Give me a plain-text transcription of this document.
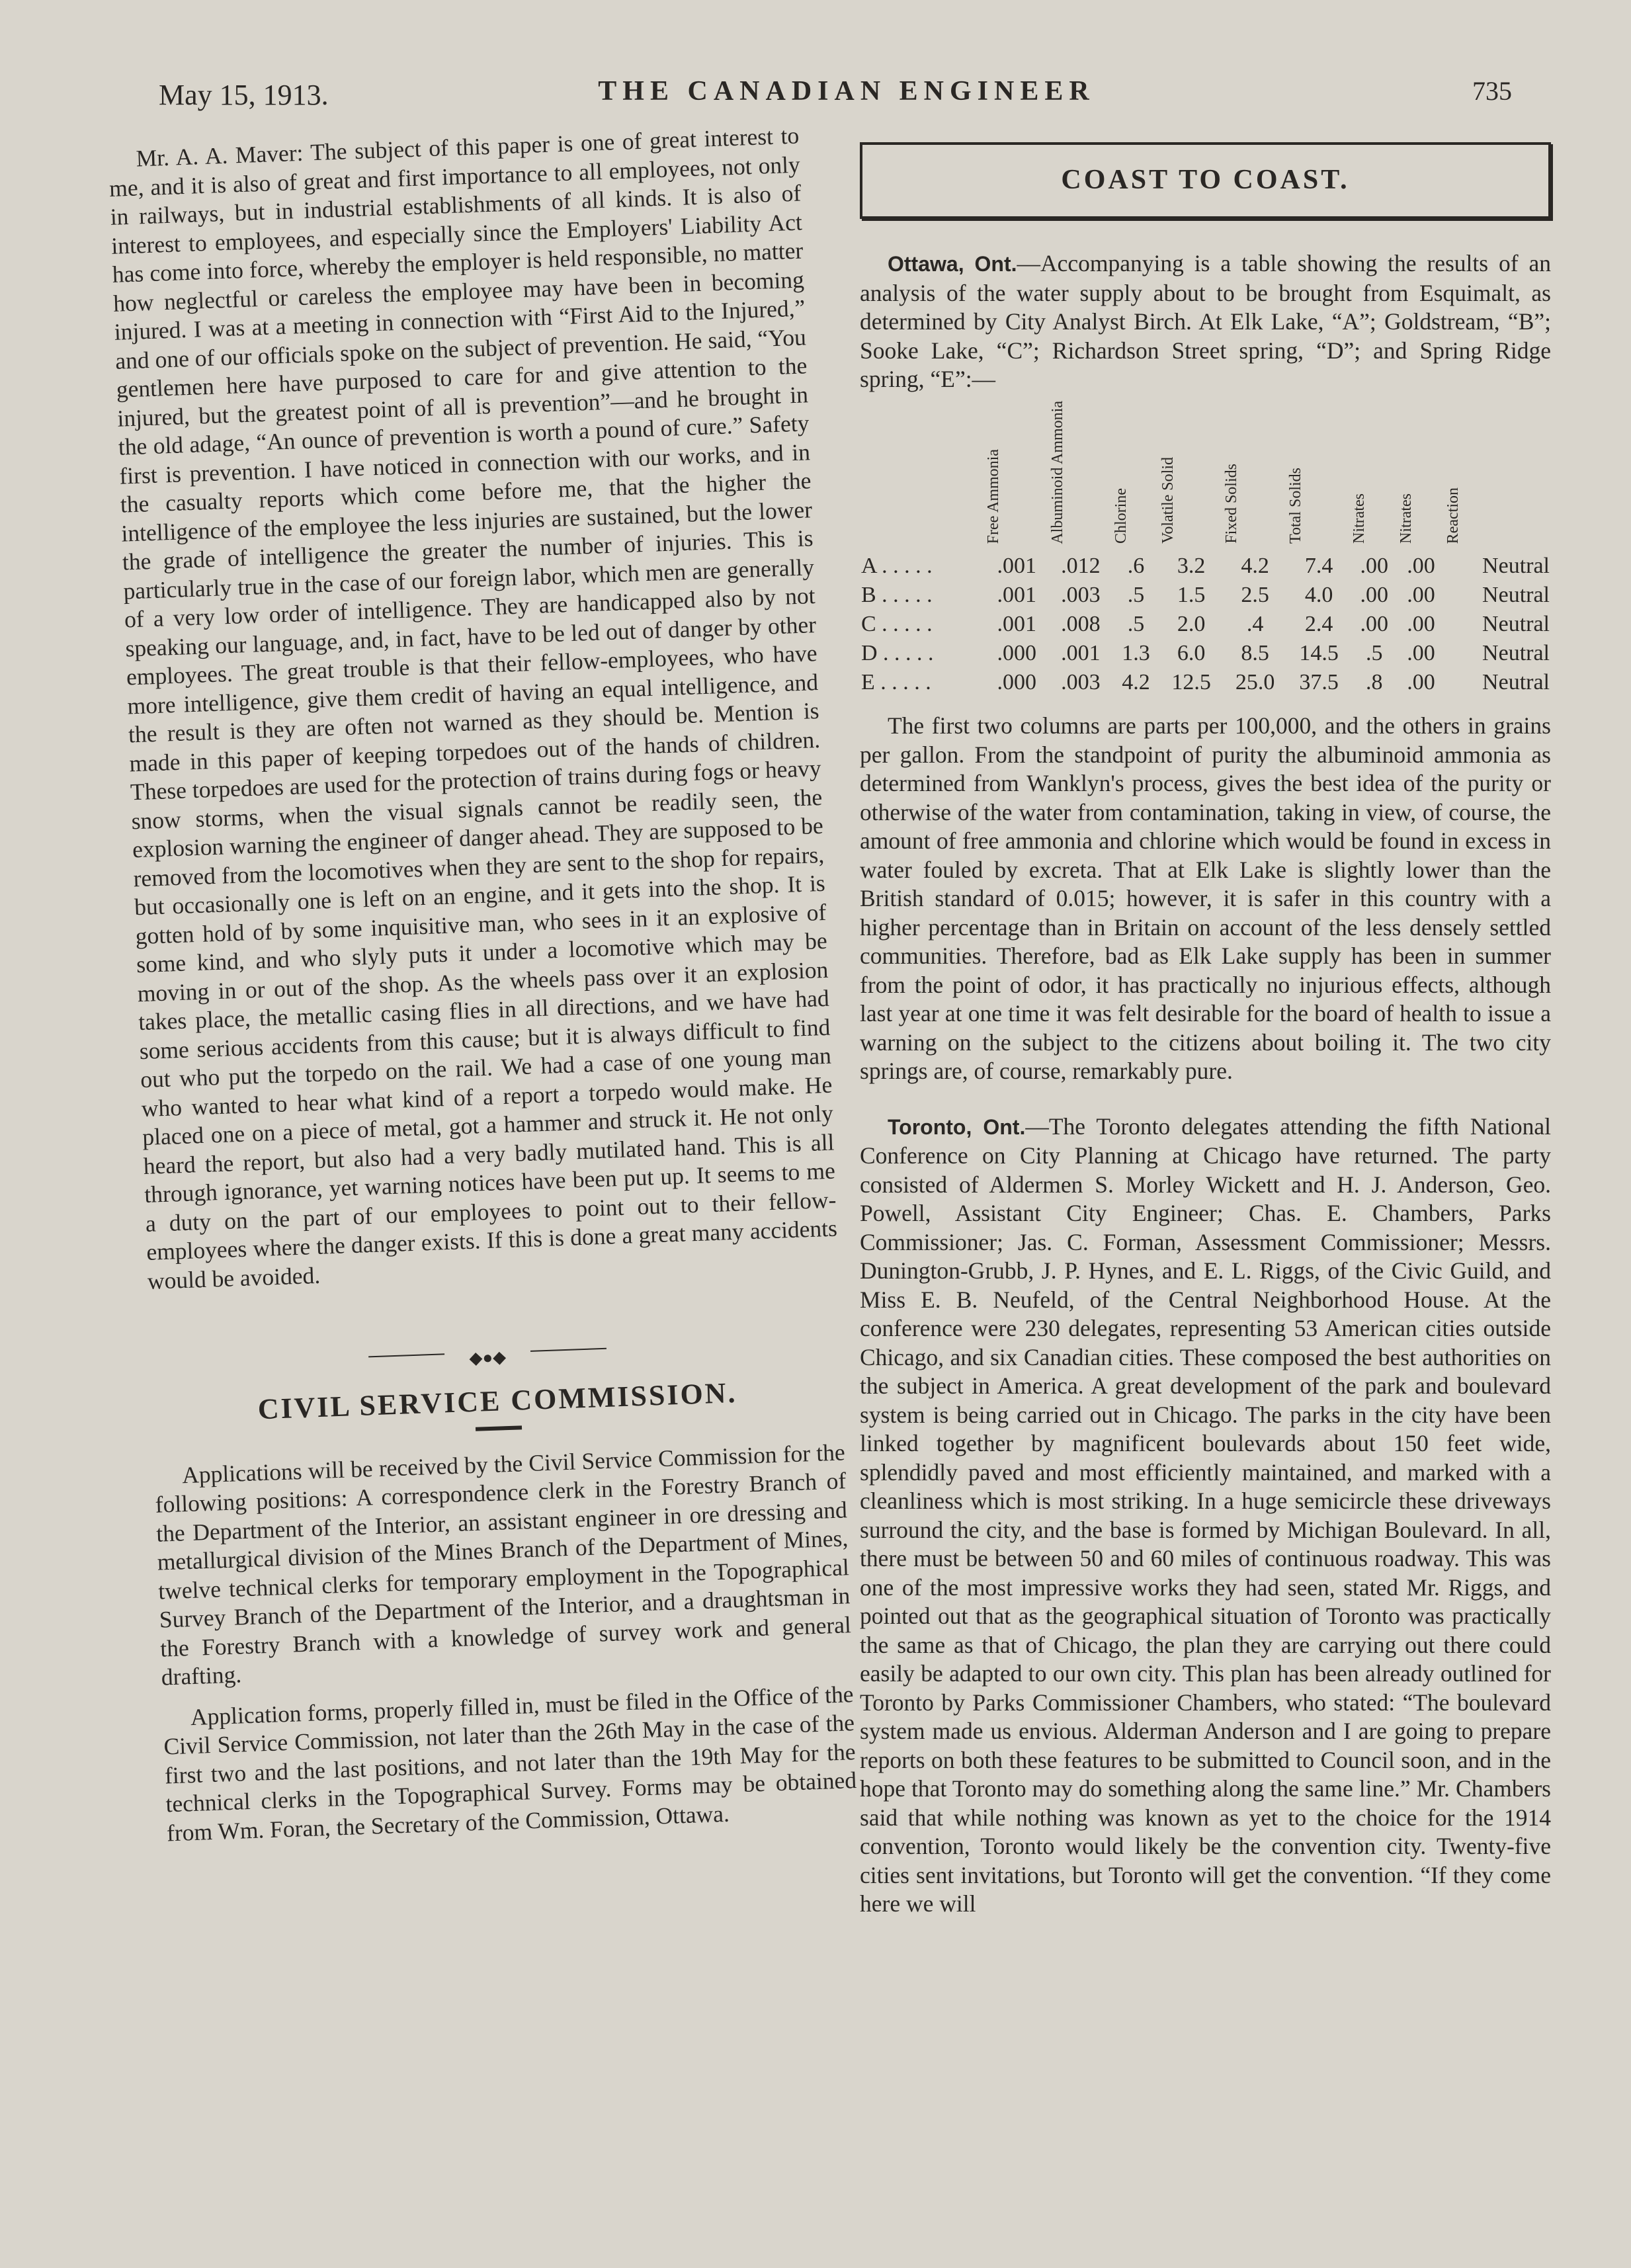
May 15, 1913.	THE CANADIAN ENGINEER	735

Mr. A. A. Maver: The subject of this paper is one of great interest to me, and it is also of great and first importance to all employees, not only in railways, but in industrial establishments of all kinds. It is also of interest to employees, and especially since the Employers' Liability Act has come into force, whereby the employer is held responsible, no matter how neglectful or careless the employee may have been in becoming injured. I was at a meeting in connection with “First Aid to the Injured,” and one of our officials spoke on the subject of prevention. He said, “You gentlemen here have purposed to care for and give attention to the injured, but the greatest point of all is prevention”—and he brought in the old adage, “An ounce of prevention is worth a pound of cure.” Safety first is prevention. I have noticed in connection with our works, and in the casualty reports which come before me, that the higher the intelligence of the employee the less injuries are sustained, but the lower the grade of intelligence the greater the number of injuries. This is particularly true in the case of our foreign labor, which men are generally of a very low order of intelligence. They are handicapped also by not speaking our language, and, in fact, have to be led out of danger by other employees. The great trouble is that their fellow-employees, who have more intelligence, give them credit of having an equal intelligence, and the result is they are often not warned as they should be. Mention is made in this paper of keeping torpedoes out of the hands of children. These torpedoes are used for the protection of trains during fogs or heavy snow storms, when the visual signals cannot be readily seen, the explosion warning the engineer of danger ahead. They are supposed to be removed from the locomotives when they are sent to the shop for repairs, but occasionally one is left on an engine, and it gets into the shop. It is gotten hold of by some inquisitive man, who sees in it an explosive of some kind, and who slyly puts it under a locomotive which may be moving in or out of the shop. As the wheels pass over it an explosion takes place, the metallic casing flies in all directions, and we have had some serious accidents from this cause; but it is always difficult to find out who put the torpedo on the rail. We had a case of one young man who wanted to hear what kind of a report a torpedo would make. He placed one on a piece of metal, got a hammer and struck it. He not only heard the report, but also had a very badly mutilated hand. This is all through ignorance, yet warning notices have been put up. It seems to me a duty on the part of our employees to point out to their fellow-employees where the danger exists. If this is done a great many accidents would be avoided.

◆●◆
CIVIL SERVICE COMMISSION.

Applications will be received by the Civil Service Commission for the following positions: A correspondence clerk in the Forestry Branch of the Department of the Interior, an assistant engineer in ore dressing and metallurgical division of the Mines Branch of the Department of Mines, twelve technical clerks for temporary employment in the Topographical Survey Branch of the Department of the Interior, and a draughtsman in the Forestry Branch with a knowledge of survey work and general drafting.

Application forms, properly filled in, must be filed in the Office of the Civil Service Commission, not later than the 26th May in the case of the first two and the last positions, and not later than the 19th May for the technical clerks in the Topographical Survey. Forms may be obtained from Wm. Foran, the Secretary of the Commission, Ottawa.

COAST TO COAST.

Ottawa, Ont.—Accompanying is a table showing the results of an analysis of the water supply about to be brought from Esquimalt, as determined by City Analyst Birch. At Elk Lake, “A”; Goldstream, “B”; Sooke Lake, “C”; Richardson Street spring, “D”; and Spring Ridge spring, “E”:—

	Free Ammonia	Albuminoid Ammonia	Chlorine	Volatile Solid	Fixed Solids	Total Solids	Nitrates	Nitrates	Reaction
A . . . . .	.001	.012	.6	3.2	4.2	7.4	.00	.00	Neutral
B . . . . .	.001	.003	.5	1.5	2.5	4.0	.00	.00	Neutral
C . . . . .	.001	.008	.5	2.0	.4	2.4	.00	.00	Neutral
D . . . . .	.000	.001	1.3	6.0	8.5	14.5	.5	.00	Neutral
E . . . . .	.000	.003	4.2	12.5	25.0	37.5	.8	.00	Neutral

The first two columns are parts per 100,000, and the others in grains per gallon. From the standpoint of purity the albuminoid ammonia as determined from Wanklyn's process, gives the best idea of the purity or otherwise of the water from contamination, taking in view, of course, the amount of free ammonia and chlorine which would be found in excess in water fouled by excreta. That at Elk Lake is slightly lower than the British standard of 0.015; however, it is safer in this country with a higher percentage than in Britain on account of the less densely settled communities. Therefore, bad as Elk Lake supply has been in summer from the point of odor, it has practically no injurious effects, although last year at one time it was felt desirable for the board of health to issue a warning on the subject to the citizens about boiling it. The two city springs are, of course, remarkably pure.

Toronto, Ont.—The Toronto delegates attending the fifth National Conference on City Planning at Chicago have returned. The party consisted of Aldermen S. Morley Wickett and H. J. Anderson, Geo. Powell, Assistant City Engineer; Chas. E. Chambers, Parks Commissioner; Jas. C. Forman, Assessment Commissioner; Messrs. Dunington-Grubb, J. P. Hynes, and E. L. Riggs, of the Civic Guild, and Miss E. B. Neufeld, of the Central Neighborhood House. At the conference were 230 delegates, representing 53 American cities outside Chicago, and six Canadian cities. These composed the best authorities on the subject in America. A great development of the park and boulevard system is being carried out in Chicago. The parks in the city have been linked together by magnificent boulevards about 150 feet wide, splendidly paved and most efficiently maintained, and marked with a cleanliness which is most striking. In a huge semicircle these driveways surround the city, and the base is formed by Michigan Boulevard. In all, there must be between 50 and 60 miles of continuous roadway. This was one of the most impressive works they had seen, stated Mr. Riggs, and pointed out that as the geographical situation of Toronto was practically the same as that of Chicago, the plan they are carrying out there could easily be adapted to our own city. This plan has been already outlined for Toronto by Parks Commissioner Chambers, who stated: “The boulevard system made us envious. Alderman Anderson and I are going to prepare reports on both these features to be submitted to Council soon, and in the hope that Toronto may do something along the same line.” Mr. Chambers said that while nothing was known as yet to the choice for the 1914 convention, Toronto would likely be the convention city. Twenty-five cities sent invitations, but Toronto will get the convention. “If they come here we will
